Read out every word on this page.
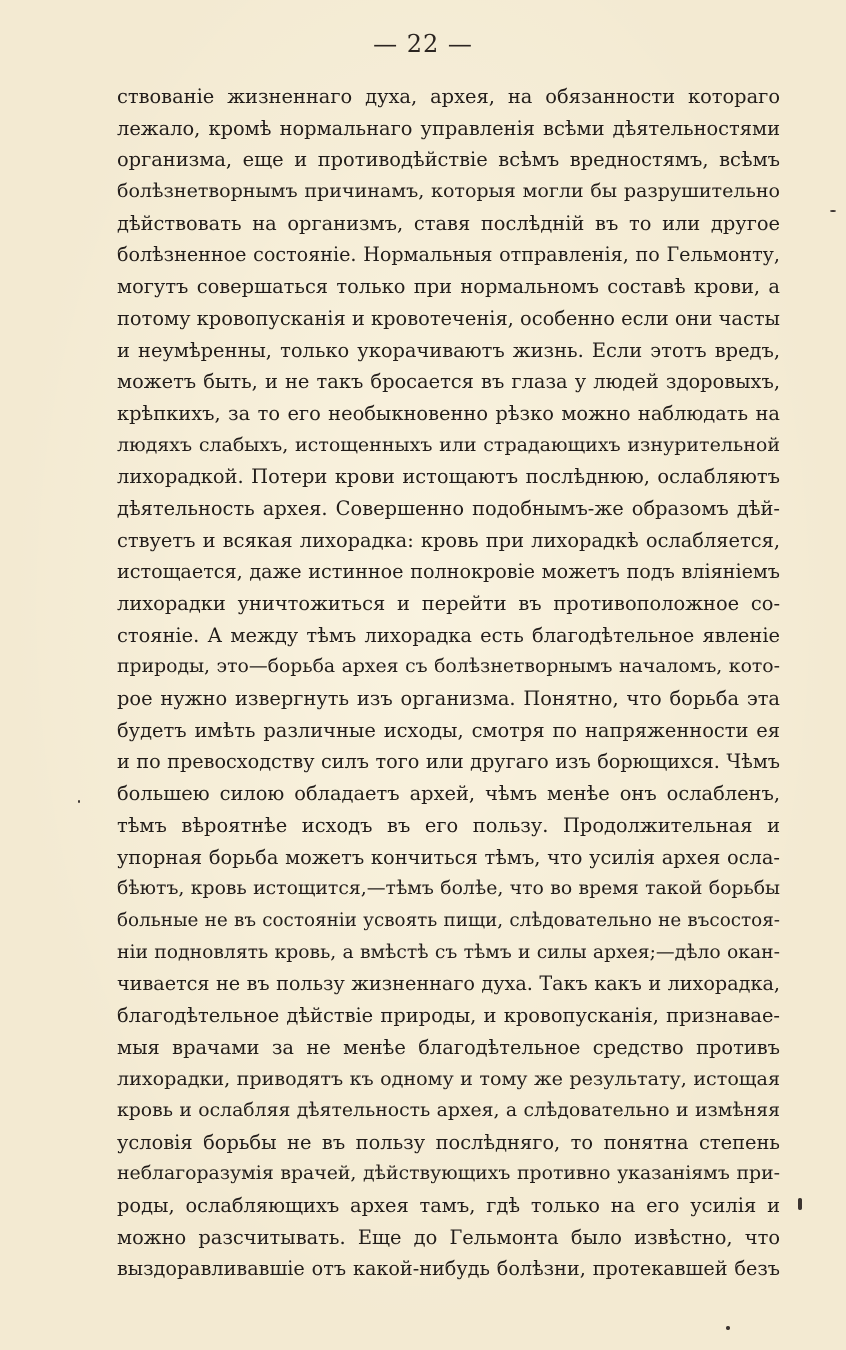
— 22 —
ствованіе жизненнаго духа, архея, на обязанности котораго
лежало, кромѣ нормальнаго управленія всѣми дѣятельностями
организма, еще и противодѣйствіе всѣмъ вредностямъ, всѣмъ
болѣзнетворнымъ причинамъ, которыя могли бы разрушительно
дѣйствовать на организмъ, ставя послѣдній въ то или другое
болѣзненное состояніе. Нормальныя отправленія, по Гельмонту,
могутъ совершаться только при нормальномъ составѣ крови, а
потому кровопусканія и кровотеченія, особенно если они часты
и неумѣренны, только укорачиваютъ жизнь. Если этотъ вредъ,
можетъ быть, и не такъ бросается въ глаза у людей здоровыхъ,
крѣпкихъ, за то его необыкновенно рѣзко можно наблюдать на
людяхъ слабыхъ, истощенныхъ или страдающихъ изнурительной
лихорадкой. Потери крови истощаютъ послѣднюю, ослабляютъ
дѣятельность архея. Совершенно подобнымъ-же образомъ дѣй-
ствуетъ и всякая лихорадка: кровь при лихорадкѣ ослабляется,
истощается, даже истинное полнокровіе можетъ подъ вліяніемъ
лихорадки уничтожиться и перейти въ противоположное со-
стояніе. А между тѣмъ лихорадка есть благодѣтельное явленіе
природы, это—борьба архея съ болѣзнетворнымъ началомъ, кото-
рое нужно извергнуть изъ организма. Понятно, что борьба эта
будетъ имѣть различные исходы, смотря по напряженности ея
и по превосходству силъ того или другаго изъ борющихся. Чѣмъ
большею силою обладаетъ архей, чѣмъ менѣе онъ ослабленъ,
тѣмъ вѣроятнѣе исходъ въ его пользу. Продолжительная и
упорная борьба можетъ кончиться тѣмъ, что усилія архея осла-
бѣютъ, кровь истощится,—тѣмъ болѣе, что во время такой борьбы
больные не въ состояніи усвоять пищи, слѣдовательно не въсостоя-
ніи подновлять кровь, а вмѣстѣ съ тѣмъ и силы архея;—дѣло окан-
чивается не въ пользу жизненнаго духа. Такъ какъ и лихорадка,
благодѣтельное дѣйствіе природы, и кровопусканія, признавае-
мыя врачами за не менѣе благодѣтельное средство противъ
лихорадки, приводятъ къ одному и тому же результату, истощая
кровь и ослабляя дѣятельность архея, а слѣдовательно и измѣняя
условія борьбы не въ пользу послѣдняго, то понятна степень
неблагоразумія врачей, дѣйствующихъ противно указаніямъ при-
роды, ослабляющихъ архея тамъ, гдѣ только на его усилія и
можно разсчитывать. Еще до Гельмонта было извѣстно, что
выздоравливавшіе отъ какой-нибудь болѣзни, протекавшей безъ
